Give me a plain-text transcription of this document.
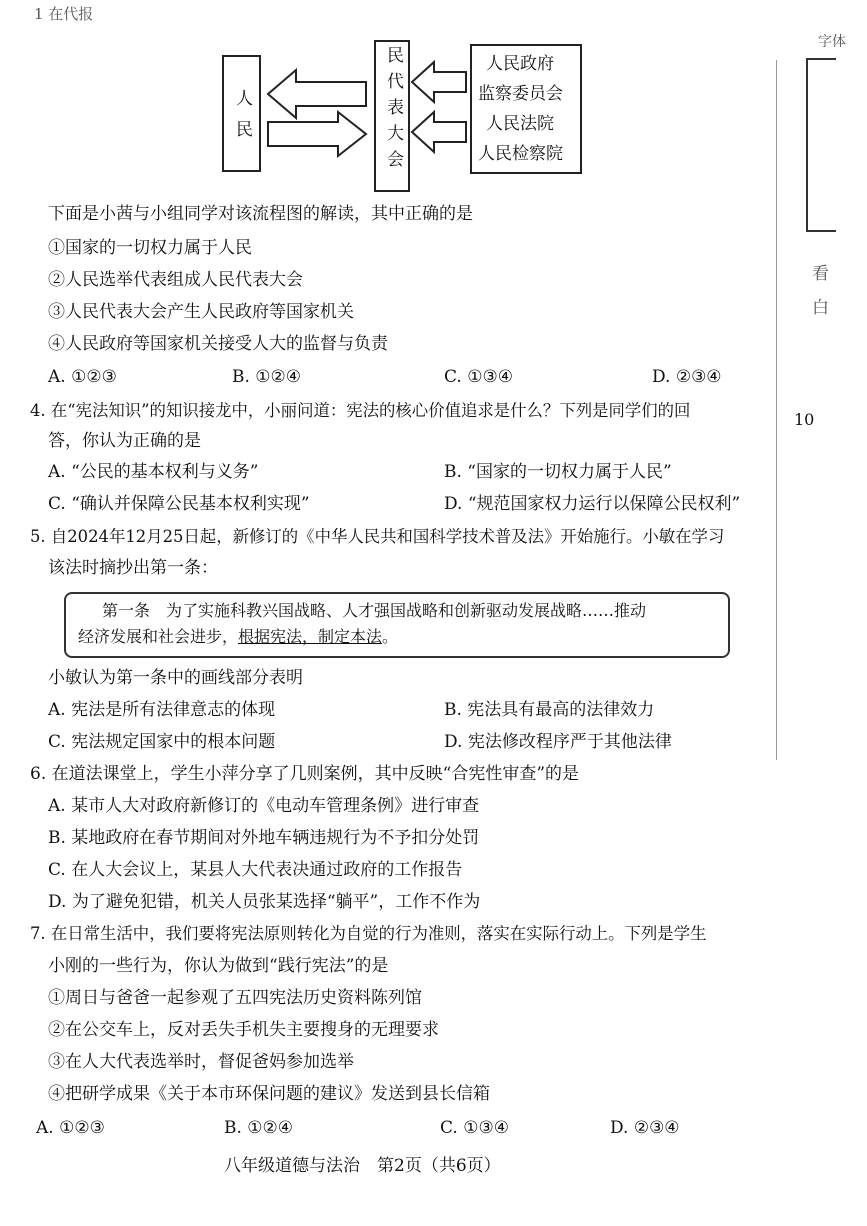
1 在代报
人民	民代表大会	人民政府
监察委员会
人民法院
人民检察院
下面是小茜与小组同学对该流程图的解读，其中正确的是
①国家的一切权力属于人民
②人民选举代表组成人民代表大会
③人民代表大会产生人民政府等国家机关
④人民政府等国家机关接受人大的监督与负责
A. ①②③	B. ①②④	C. ①③④	D. ②③④
4. 在“宪法知识”的知识接龙中，小丽问道：宪法的核心价值追求是什么？下列是同学们的回
答，你认为正确的是
A. “公民的基本权利与义务”	B. “国家的一切权力属于人民”
C. “确认并保障公民基本权利实现”	D. “规范国家权力运行以保障公民权利”
5. 自2024年12月25日起，新修订的《中华人民共和国科学技术普及法》开始施行。小敏在学习
该法时摘抄出第一条：
第一条　为了实施科教兴国战略、人才强国战略和创新驱动发展战略……推动
经济发展和社会进步，根据宪法，制定本法。
小敏认为第一条中的画线部分表明
A. 宪法是所有法律意志的体现	B. 宪法具有最高的法律效力
C. 宪法规定国家中的根本问题	D. 宪法修改程序严于其他法律
6. 在道法课堂上，学生小萍分享了几则案例，其中反映“合宪性审查”的是
A. 某市人大对政府新修订的《电动车管理条例》进行审查
B. 某地政府在春节期间对外地车辆违规行为不予扣分处罚
C. 在人大会议上，某县人大代表决通过政府的工作报告
D. 为了避免犯错，机关人员张某选择“躺平”，工作不作为
7. 在日常生活中，我们要将宪法原则转化为自觉的行为准则，落实在实际行动上。下列是学生
小刚的一些行为，你认为做到“践行宪法”的是
①周日与爸爸一起参观了五四宪法历史资料陈列馆
②在公交车上，反对丢失手机失主要搜身的无理要求
③在人大代表选举时，督促爸妈参加选举
④把研学成果《关于本市环保问题的建议》发送到县长信箱
A. ①②③	B. ①②④	C. ①③④	D. ②③④
八年级道德与法治　第2页（共6页）
字体
看
白
10
